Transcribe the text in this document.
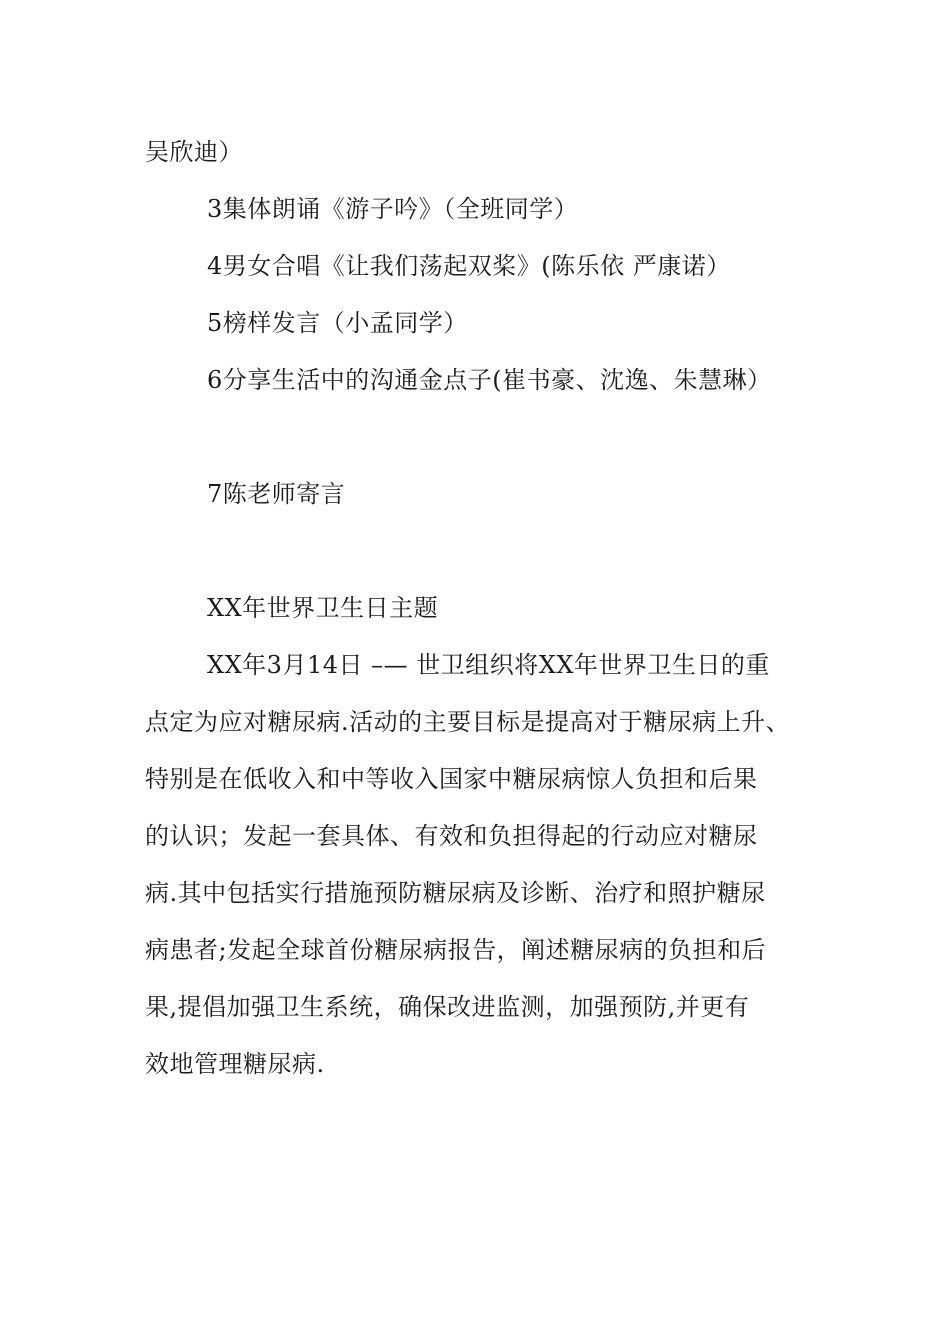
吴欣迪）

3集体朗诵《游子吟》（全班同学）

4男女合唱《让我们荡起双桨》(陈乐依 严康诺）

5榜样发言（小孟同学）

6分享生活中的沟通金点子(崔书豪、沈逸、朱慧琳）

7陈老师寄言

XX年世界卫生日主题

XX年3月14日 –— 世卫组织将XX年世界卫生日的重

点定为应对糖尿病.活动的主要目标是提高对于糖尿病上升、

特别是在低收入和中等收入国家中糖尿病惊人负担和后果

的认识；发起一套具体、有效和负担得起的行动应对糖尿

病.其中包括实行措施预防糖尿病及诊断、治疗和照护糖尿

病患者;发起全球首份糖尿病报告，阐述糖尿病的负担和后

果,提倡加强卫生系统，确保改进监测，加强预防,并更有

效地管理糖尿病.
